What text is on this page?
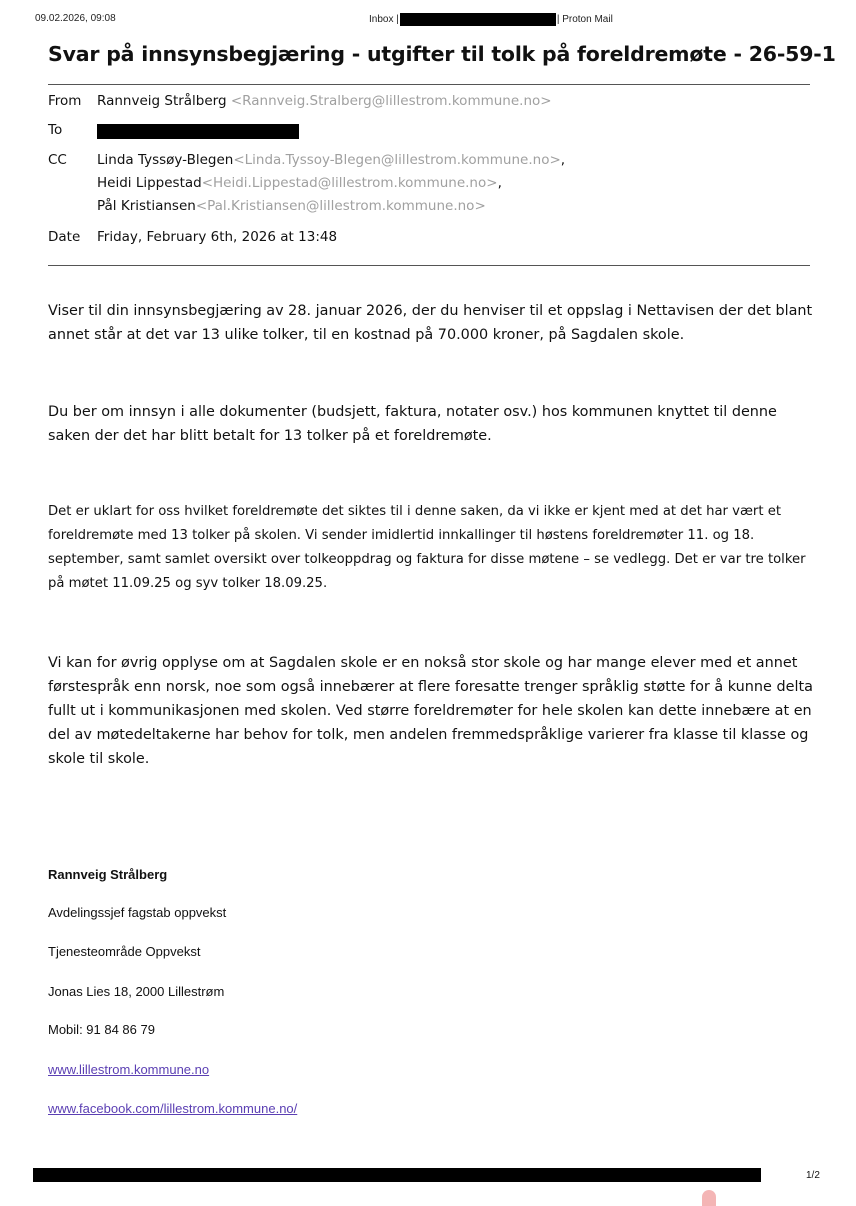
09.02.2026, 09:08	Inbox |	| Proton Mail
Svar på innsynsbegjæring - utgifter til tolk på foreldremøte - 26-59-1
From Rannveig Strålberg <Rannveig.Stralberg@lillestrom.kommune.no>
To
CC Linda Tyssøy-Blegen<Linda.Tyssoy-Blegen@lillestrom.kommune.no>,
Heidi Lippestad<Heidi.Lippestad@lillestrom.kommune.no>,
Pål Kristiansen<Pal.Kristiansen@lillestrom.kommune.no>
Date Friday, February 6th, 2026 at 13:48
Viser til din innsynsbegjæring av 28. januar 2026, der du henviser til et oppslag i Nettavisen der det blant annet står at det var 13 ulike tolker, til en kostnad på 70.000 kroner, på Sagdalen skole.
Du ber om innsyn i alle dokumenter (budsjett, faktura, notater osv.) hos kommunen knyttet til denne saken der det har blitt betalt for 13 tolker på et foreldremøte.
Det er uklart for oss hvilket foreldremøte det siktes til i denne saken, da vi ikke er kjent med at det har vært et foreldremøte med 13 tolker på skolen. Vi sender imidlertid innkallinger til høstens foreldremøter 11. og 18. september, samt samlet oversikt over tolkeoppdrag og faktura for disse møtene – se vedlegg. Det er var tre tolker på møtet 11.09.25 og syv tolker 18.09.25.
Vi kan for øvrig opplyse om at Sagdalen skole er en nokså stor skole og har mange elever med et annet førstespråk enn norsk, noe som også innebærer at flere foresatte trenger språklig støtte for å kunne delta fullt ut i kommunikasjonen med skolen. Ved større foreldremøter for hele skolen kan dette innebære at en del av møtedeltakerne har behov for tolk, men andelen fremmedspråklige varierer fra klasse til klasse og skole til skole.
Rannveig Strålberg
Avdelingssjef fagstab oppvekst
Tjenesteområde Oppvekst
Jonas Lies 18, 2000 Lillestrøm
Mobil: 91 84 86 79
www.lillestrom.kommune.no
www.facebook.com/lillestrom.kommune.no/
1/2
